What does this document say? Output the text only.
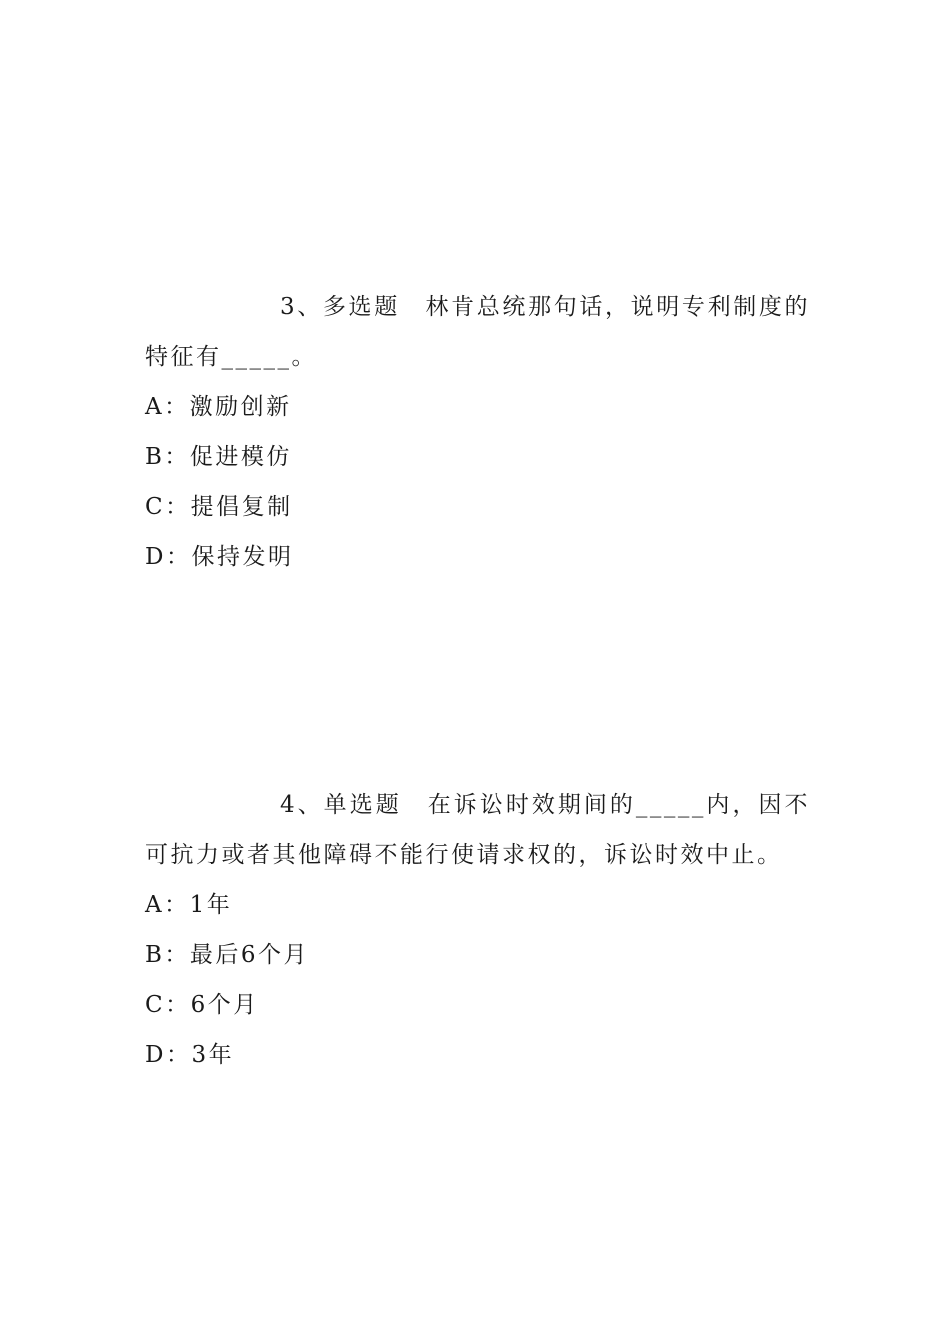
3、多选题　林肯总统那句话，说明专利制度的特征有_____。

A：激励创新
B：促进模仿
C：提倡复制
D：保持发明

4、单选题　在诉讼时效期间的_____内，因不可抗力或者其他障碍不能行使请求权的，诉讼时效中止。

A：1年
B：最后6个月
C：6个月
D：3年
